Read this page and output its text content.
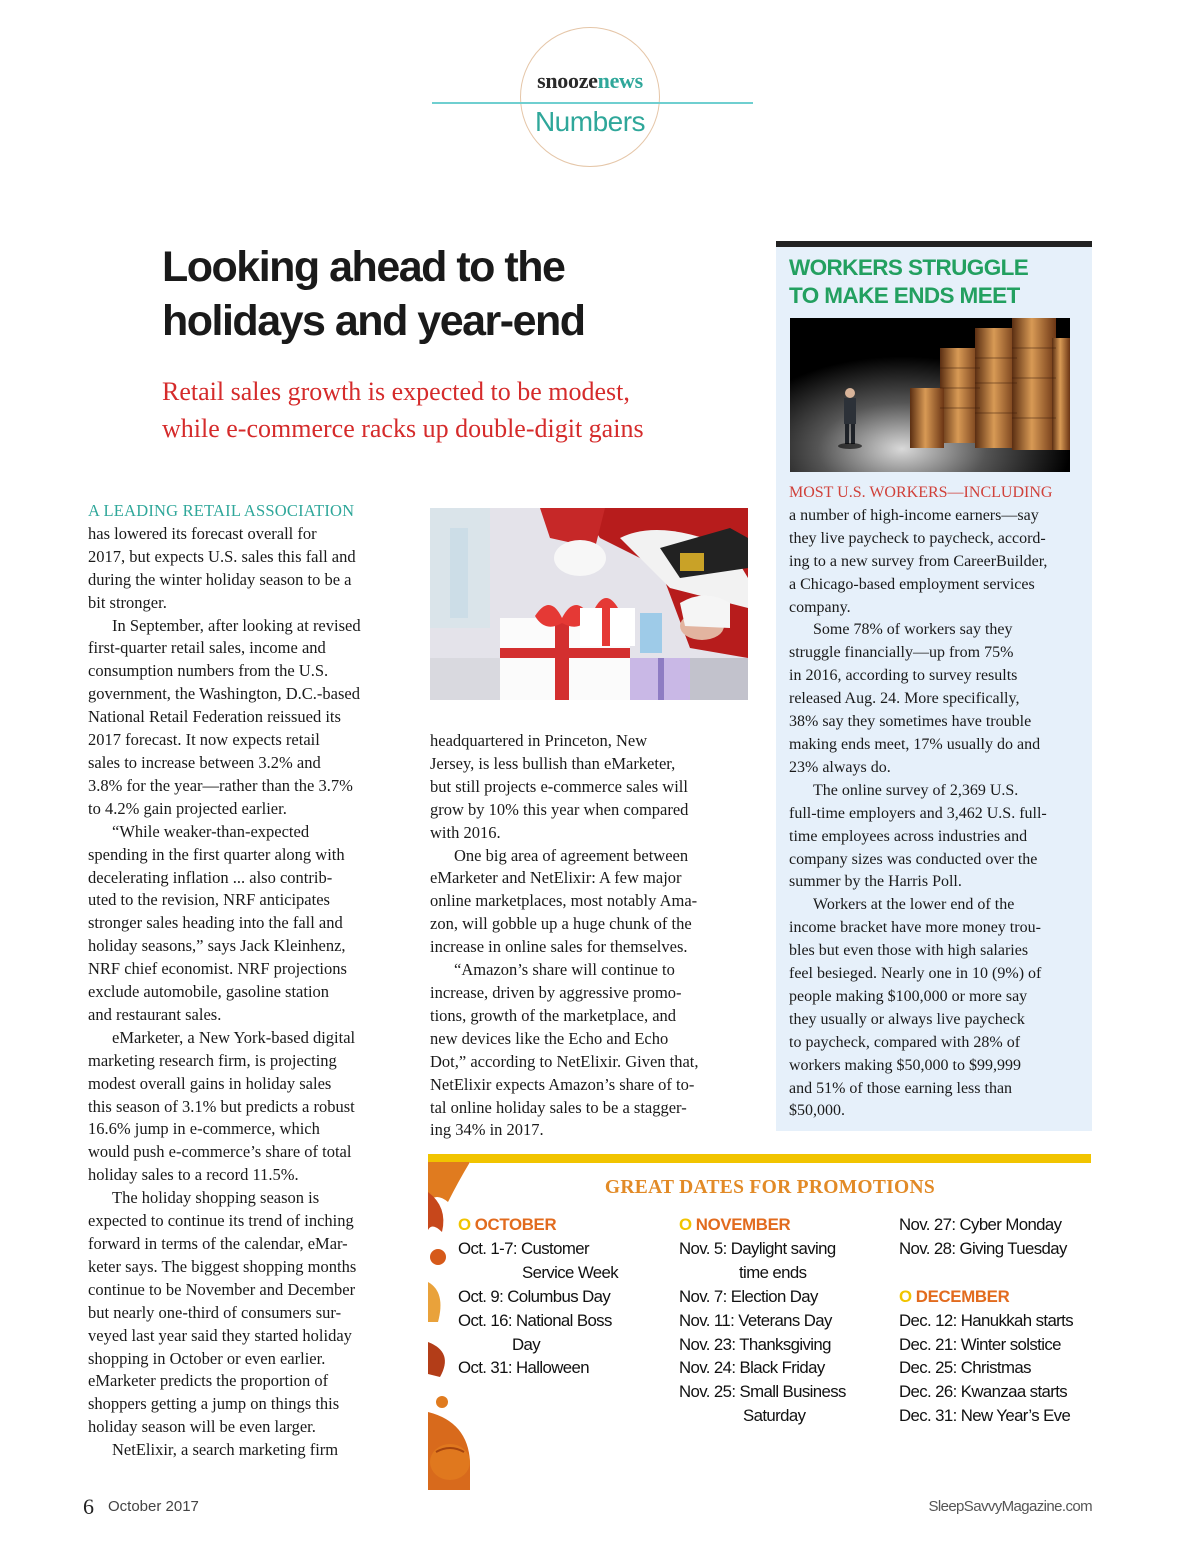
snoozenews
Numbers
Looking ahead to the
holidays and year-end

Retail sales growth is expected to be modest,
while e-commerce racks up double-digit gains

A LEADING RETAIL ASSOCIATION

has lowered its forecast overall for

2017, but expects U.S. sales this fall and

during the winter holiday season to be a

bit stronger.

In September, after looking at revised

first-quarter retail sales, income and

consumption numbers from the U.S.

government, the Washington, D.C.-based

National Retail Federation reissued its

2017 forecast. It now expects retail

sales to increase between 3.2% and

3.8% for the year—rather than the 3.7%

to 4.2% gain projected earlier.

“While weaker-than-expected

spending in the first quarter along with

decelerating inflation ... also contrib-

uted to the revision, NRF anticipates

stronger sales heading into the fall and

holiday seasons,” says Jack Kleinhenz,

NRF chief economist. NRF projections

exclude automobile, gasoline station

and restaurant sales.

eMarketer, a New York-based digital

marketing research firm, is projecting

modest overall gains in holiday sales

this season of 3.1% but predicts a robust

16.6% jump in e-commerce, which

would push e-commerce’s share of total

holiday sales to a record 11.5%.

The holiday shopping season is

expected to continue its trend of inching

forward in terms of the calendar, eMar-

keter says. The biggest shopping months

continue to be November and December

but nearly one-third of consumers sur-

veyed last year said they started holiday

shopping in October or even earlier.

eMarketer predicts the proportion of

shoppers getting a jump on things this

holiday season will be even larger.

NetElixir, a search marketing firm

headquartered in Princeton, New

Jersey, is less bullish than eMarketer,

but still projects e-commerce sales will

grow by 10% this year when compared

with 2016.

One big area of agreement between

eMarketer and NetElixir: A few major

online marketplaces, most notably Ama-

zon, will gobble up a huge chunk of the

increase in online sales for themselves.

“Amazon’s share will continue to

increase, driven by aggressive promo-

tions, growth of the marketplace, and

new devices like the Echo and Echo

Dot,” according to NetElixir. Given that,

NetElixir expects Amazon’s share of to-

tal online holiday sales to be a stagger-

ing 34% in 2017.

WORKERS STRUGGLE
TO MAKE ENDS MEET

MOST U.S. WORKERS—INCLUDING

a number of high-income earners—say

they live paycheck to paycheck, accord-

ing to a new survey from CareerBuilder,

a Chicago-based employment services

company.

Some 78% of workers say they

struggle financially—up from 75%

in 2016, according to survey results

released Aug. 24. More specifically,

38% say they sometimes have trouble

making ends meet, 17% usually do and

23% always do.

The online survey of 2,369 U.S.

full-time employers and 3,462 U.S. full-

time employees across industries and

company sizes was conducted over the

summer by the Harris Poll.

Workers at the lower end of the

income bracket have more money trou-

bles but even those with high salaries

feel besieged. Nearly one in 10 (9%) of

people making $100,000 or more say

they usually or always live paycheck

to paycheck, compared with 28% of

workers making $50,000 to $99,999

and 51% of those earning less than

$50,000.

GREAT DATES FOR PROMOTIONS

O OCTOBER

Oct. 1-7: Customer

Service Week

Oct. 9: Columbus Day

Oct. 16: National Boss

Day

Oct. 31: Halloween

O NOVEMBER

Nov. 5: Daylight saving

time ends

Nov. 7: Election Day

Nov. 11: Veterans Day

Nov. 23: Thanksgiving

Nov. 24: Black Friday

Nov. 25: Small Business

Saturday

Nov. 27: Cyber Monday

Nov. 28: Giving Tuesday

O DECEMBER

Dec. 12: Hanukkah starts

Dec. 21: Winter solstice

Dec. 25: Christmas

Dec. 26: Kwanzaa starts

Dec. 31: New Year’s Eve

6 October 2017	SleepSavvyMagazine.com
